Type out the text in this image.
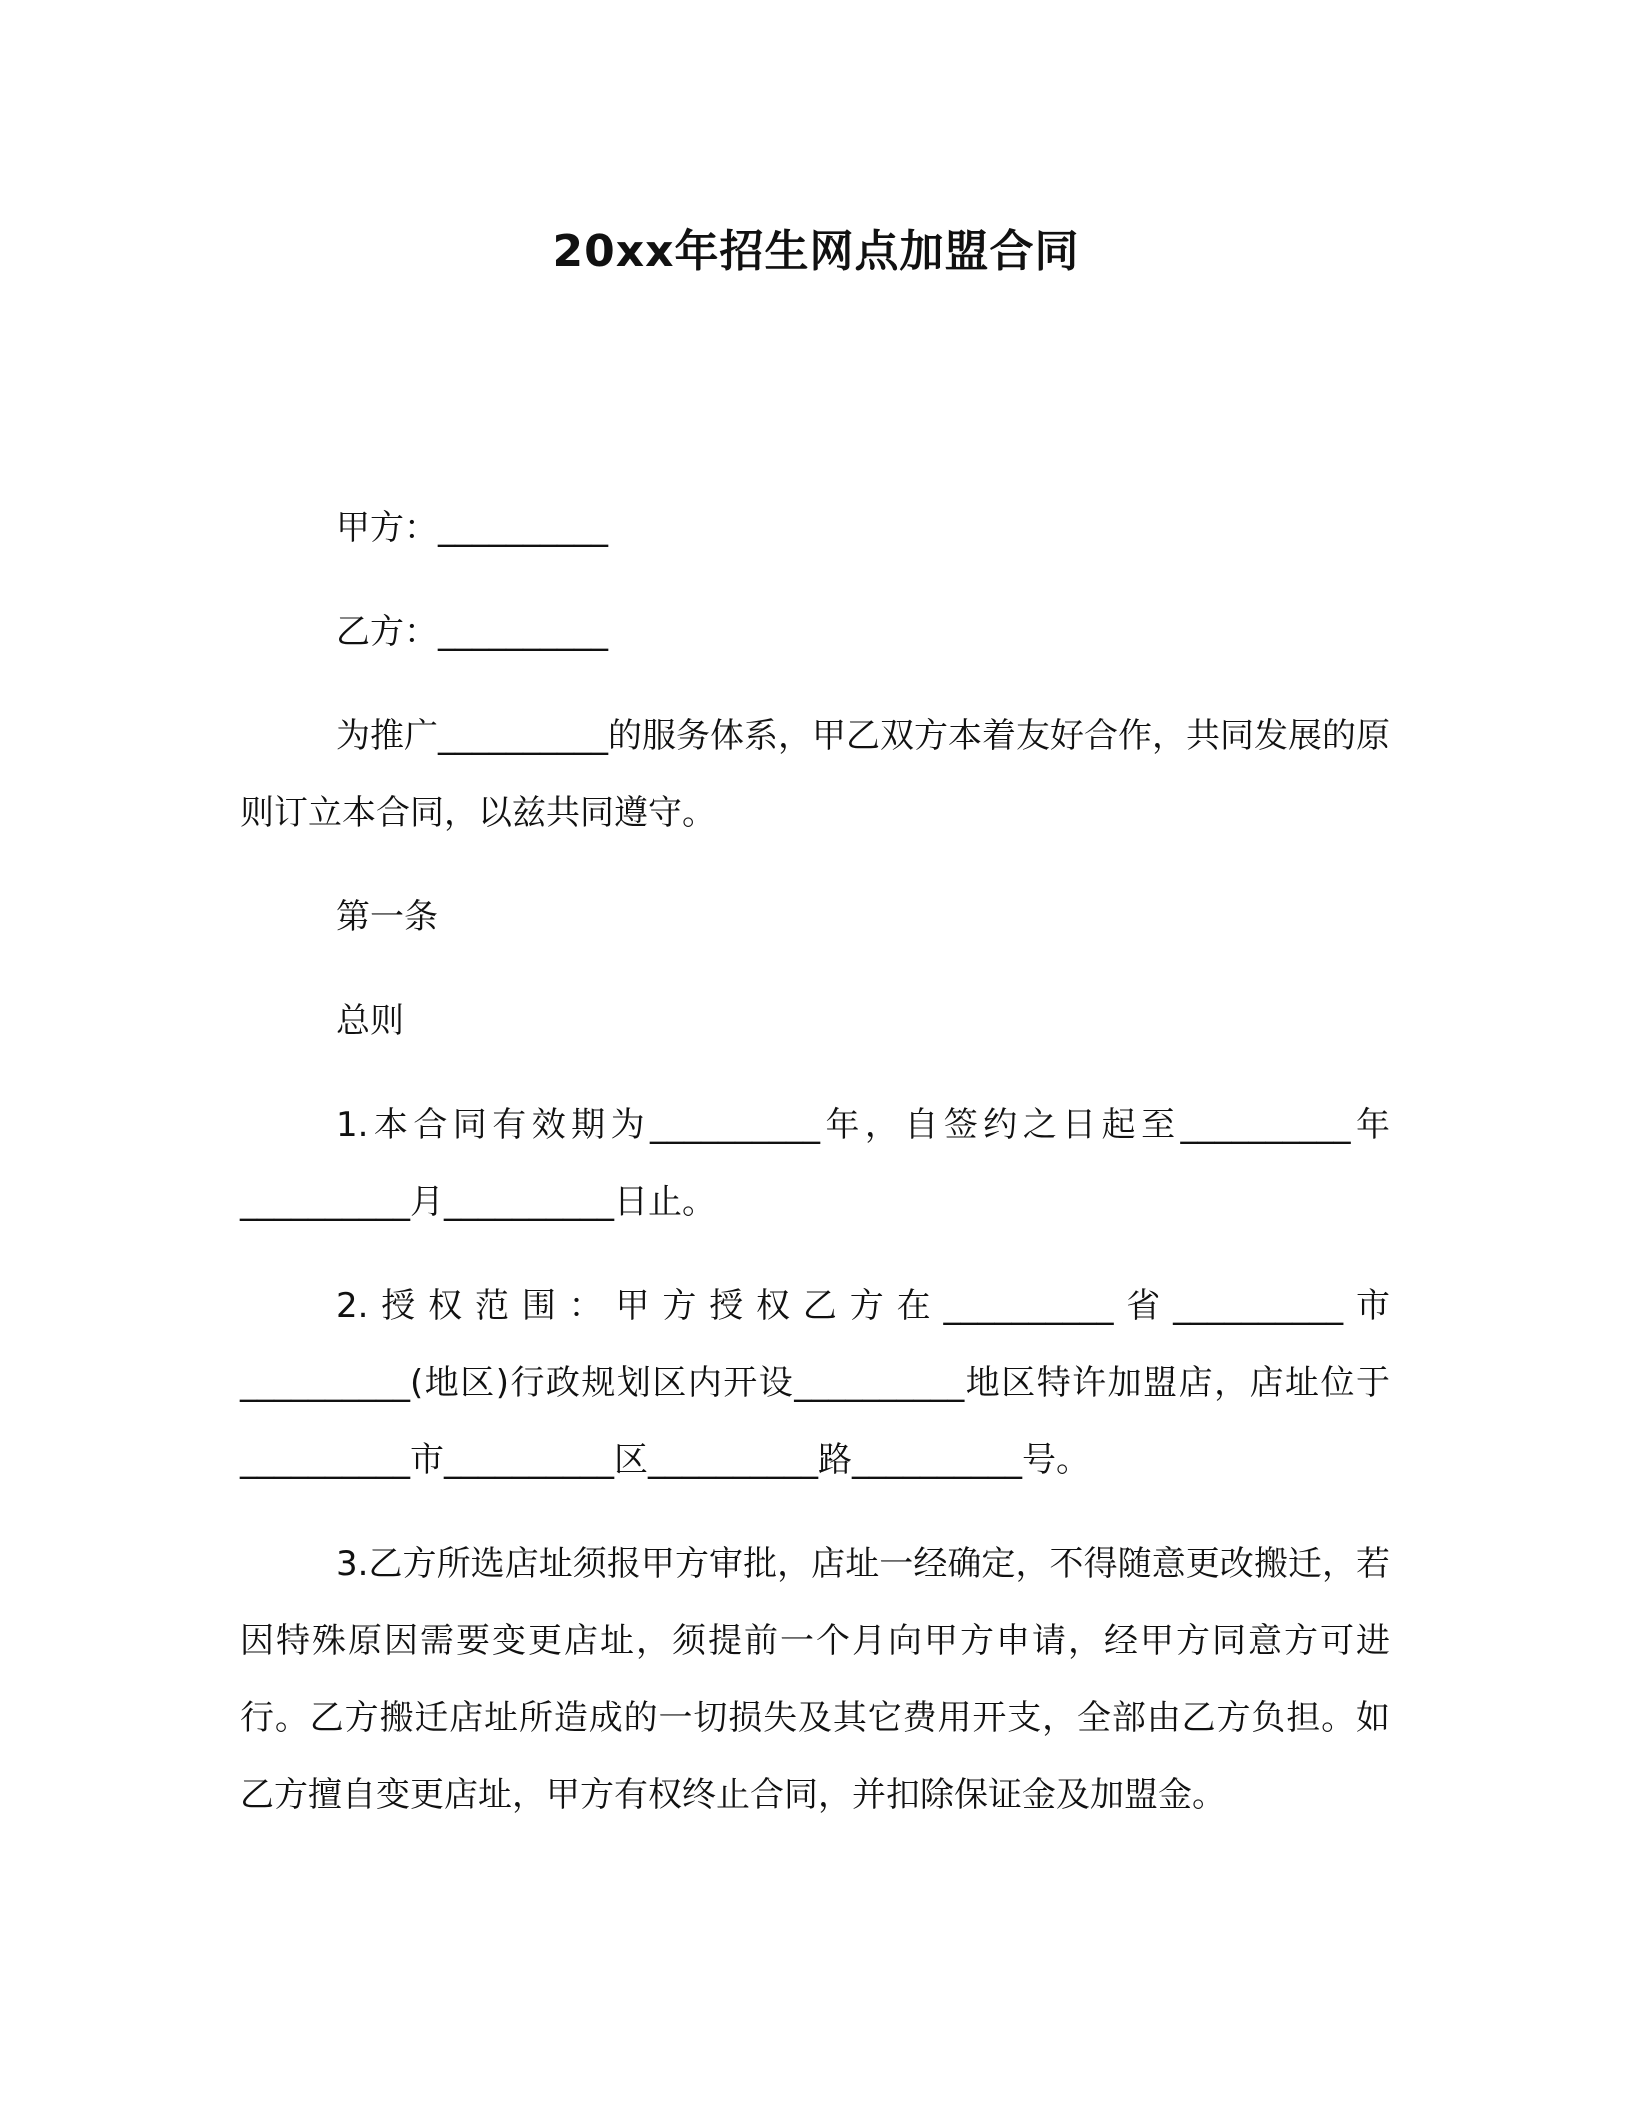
20xx年招生网点加盟合同

甲方：__________

乙方：__________

为推广__________的服务体系，甲乙双方本着友好合作，共同发展的原则订立本合同，以兹共同遵守。

第一条

总则

1.本合同有效期为__________年，自签约之日起至__________年__________月__________日止。

2.授权范围：甲方授权乙方在__________省__________市__________(地区)行政规划区内开设__________地区特许加盟店，店址位于__________市__________区__________路__________号。

3.乙方所选店址须报甲方审批，店址一经确定，不得随意更改搬迁，若因特殊原因需要变更店址，须提前一个月向甲方申请，经甲方同意方可进行。乙方搬迁店址所造成的一切损失及其它费用开支，全部由乙方负担。如乙方擅自变更店址，甲方有权终止合同，并扣除保证金及加盟金。
